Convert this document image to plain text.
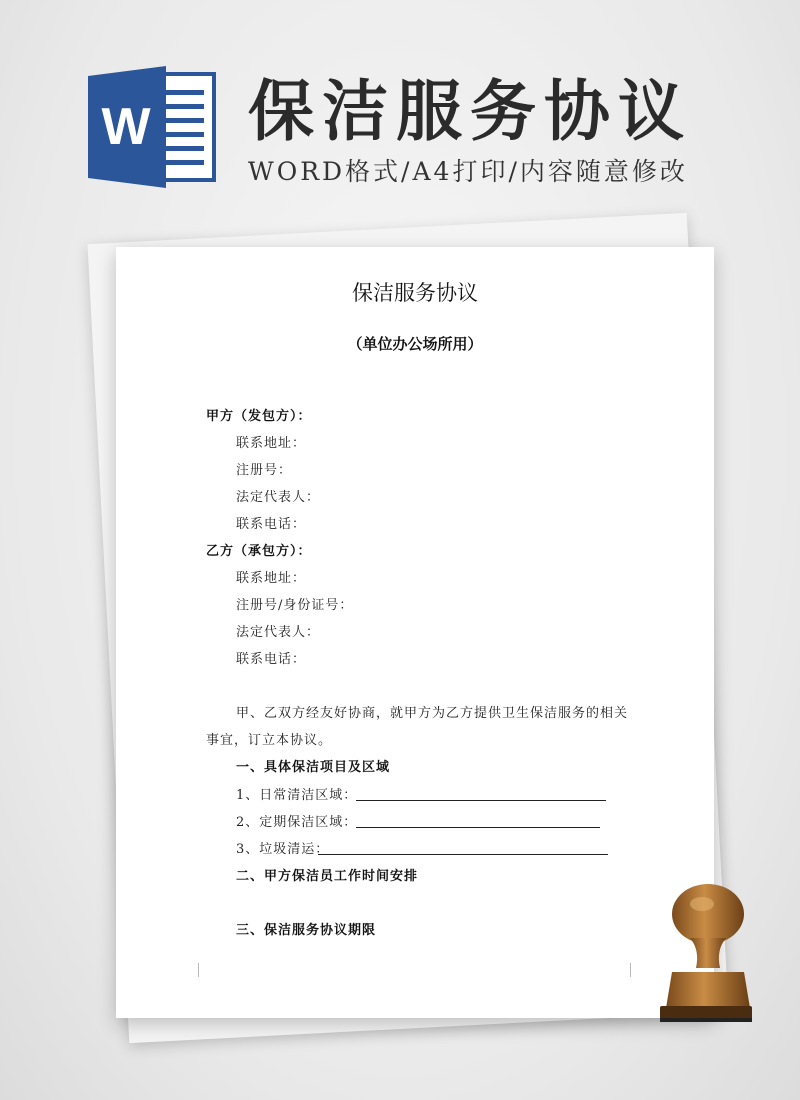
W 保洁服务协议
WORD格式/A4打印/内容随意修改
保洁服务协议
（单位办公场所用）
甲方（发包方）：
联系地址：
注册号：
法定代表人：
联系电话：
乙方（承包方）：
联系地址：
注册号/身份证号：
法定代表人：
联系电话：
甲、乙双方经友好协商，就甲方为乙方提供卫生保洁服务的相关
事宜，订立本协议。
一、具体保洁项目及区域
1、日常清洁区域：
2、定期保洁区域：
3、垃圾清运：
二、甲方保洁员工作时间安排
三、保洁服务协议期限
